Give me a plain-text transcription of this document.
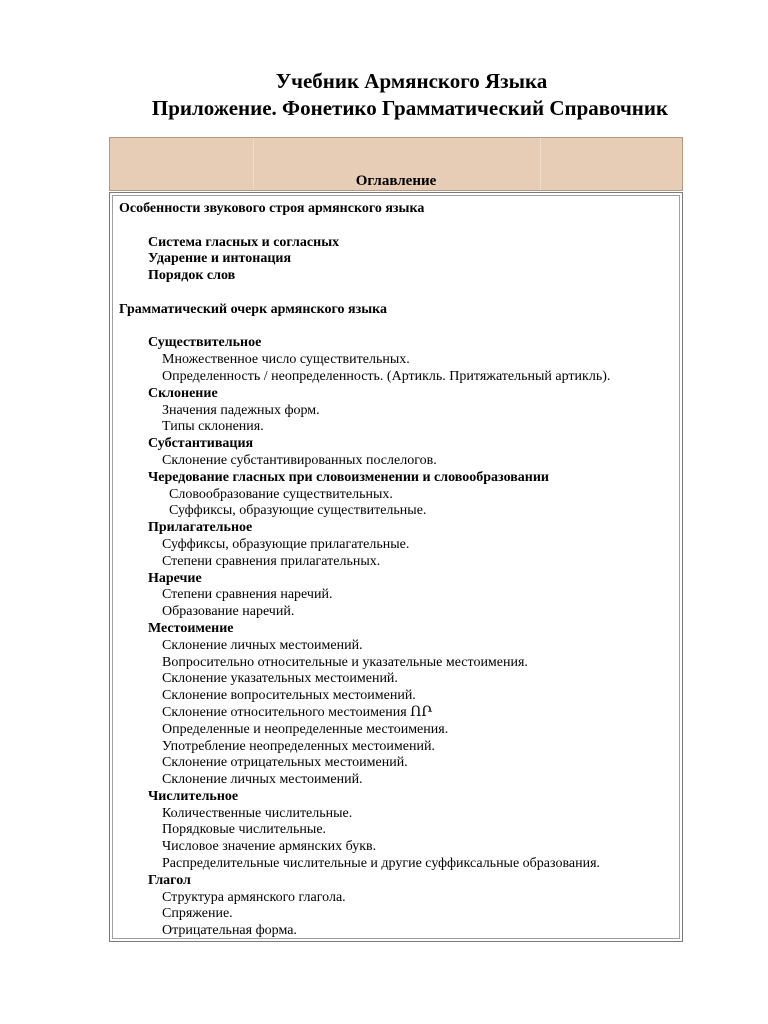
Учебник Армянского Языка
Приложение. Фонетико Грамматический Справочник
Оглавление
Особенности звукового строя армянского языка
Система гласных и согласных
Ударение и интонация
Порядок слов
Грамматический очерк армянского языка
Существительное
Множественное число существительных.
Определенность / неопределенность. (Артикль. Притяжательный артикль).
Склонение
Значения падежных форм.
Типы склонения.
Субстантивация
Склонение субстантивированных послелогов.
Чередование гласных при словоизменении и словообразовании
Словообразование существительных.
Суффиксы, образующие существительные.
Прилагательное
Суффиксы, образующие прилагательные.
Степени сравнения прилагательных.
Наречие
Степени сравнения наречий.
Образование наречий.
Местоимение
Склонение личных местоимений.
Вопросительно относительные и указательные местоимения.
Склонение указательных местоимений.
Склонение вопросительных местоимений.
Склонение относительного местоимения ՈՐ
Определенные и неопределенные местоимения.
Употребление неопределенных местоимений.
Склонение отрицательных местоимений.
Склонение личных местоимений.
Числительное
Количественные числительные.
Порядковые числительные.
Числовое значение армянских букв.
Распределительные числительные и другие суффиксальные образования.
Глагол
Структура армянского глагола.
Спряжение.
Отрицательная форма.
